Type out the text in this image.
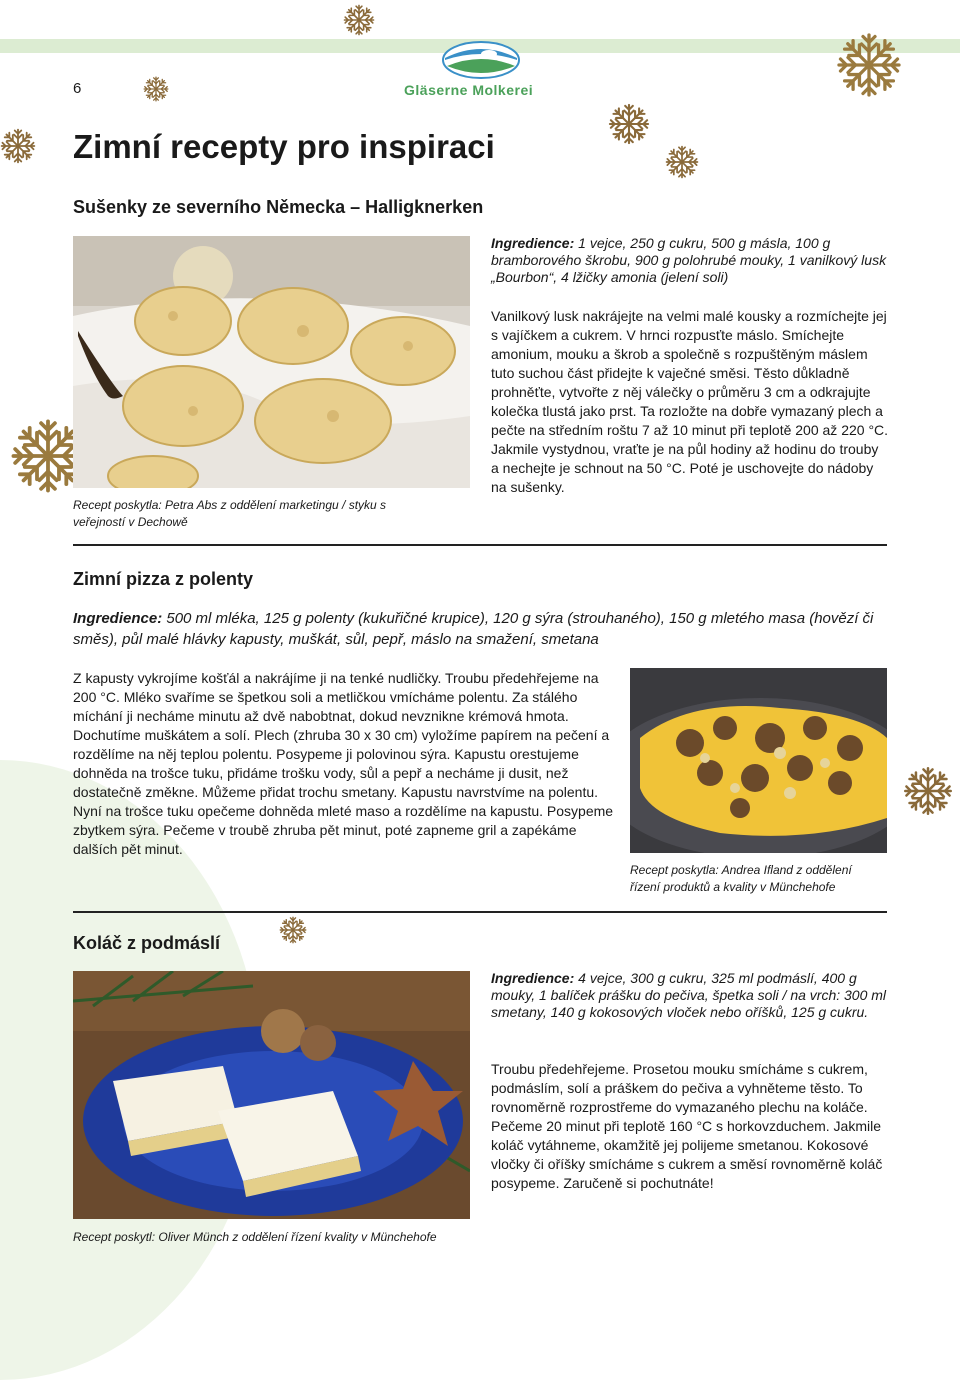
6	Gläserne Molkerei
Zimní recepty pro inspiraci
Sušenky ze severního Německa – Halligknerken
Recept poskytla: Petra Abs z oddělení marketingu / styku s veřejností v Dechowě
Ingredience: 1 vejce, 250 g cukru, 500 g másla, 100 g bramborového škrobu, 900 g polohrubé mouky, 1 vanilkový lusk „Bourbon“, 4 lžičky amonia (jelení soli)
Vanilkový lusk nakrájejte na velmi malé kousky a rozmíchejte jej s vajíčkem a cukrem. V hrnci rozpusťte máslo. Smíchejte amonium, mouku a škrob a společně s rozpuštěným máslem tuto suchou část přidejte k vaječné směsi. Těsto důkladně prohněťte, vytvořte z něj válečky o průměru 3 cm a odkrajujte kolečka tlustá jako prst. Ta rozložte na dobře vymazaný plech a pečte na středním roštu 7 až 10 minut při teplotě 200 až 220 °C. Jakmile vystydnou, vraťte je na půl hodiny až hodinu do trouby a nechejte je schnout na 50 °C. Poté je uschovejte do nádoby na sušenky.
Zimní pizza z polenty
Ingredience: 500 ml mléka, 125 g polenty (kukuřičné krupice), 120 g sýra (strouhaného), 150 g mletého masa (hovězí či směs), půl malé hlávky kapusty, muškát, sůl, pepř, máslo na smažení, smetana
Z kapusty vykrojíme košťál a nakrájíme ji na tenké nudličky. Troubu předehřejeme na 200 °C. Mléko svaříme se špetkou soli a metličkou vmícháme polentu. Za stálého míchání ji necháme minutu až dvě nabobtnat, dokud nevznikne krémová hmota. Dochutíme muškátem a solí. Plech (zhruba 30 x 30 cm) vyložíme papírem na pečení a rozdělíme na něj teplou polentu. Posypeme ji polovinou sýra. Kapustu orestujeme dohněda na trošce tuku, přidáme trošku vody, sůl a pepř a necháme ji dusit, než dostatečně změkne. Můžeme přidat trochu smetany. Kapustu navrstvíme na polentu. Nyní na trošce tuku opečeme dohněda mleté maso a rozdělíme na kapustu. Posypeme zbytkem sýra. Pečeme v troubě zhruba pět minut, poté zapneme gril a zapékáme dalších pět minut.
Recept poskytla: Andrea Ifland z oddělení řízení produktů a kvality v Münchehofe
Koláč z podmáslí
Recept poskytl: Oliver Münch z oddělení řízení kvality v Münchehofe
Ingredience: 4 vejce, 300 g cukru, 325 ml podmáslí, 400 g mouky, 1 balíček prášku do pečiva, špetka soli / na vrch: 300 ml smetany, 140 g kokosových vloček nebo oříšků, 125 g cukru.
Troubu předehřejeme. Prosetou mouku smícháme s cukrem, podmáslím, solí a práškem do pečiva a vyhněteme těsto. To rovnoměrně rozprostřeme do vymazaného plechu na koláče. Pečeme 20 minut při teplotě 160 °C s horkovzduchem. Jakmile koláč vytáhneme, okamžitě jej polijeme smetanou. Kokosové vločky či oříšky smícháme s cukrem a směsí rovnoměrně koláč posypeme. Zaručeně si pochutnáte!
